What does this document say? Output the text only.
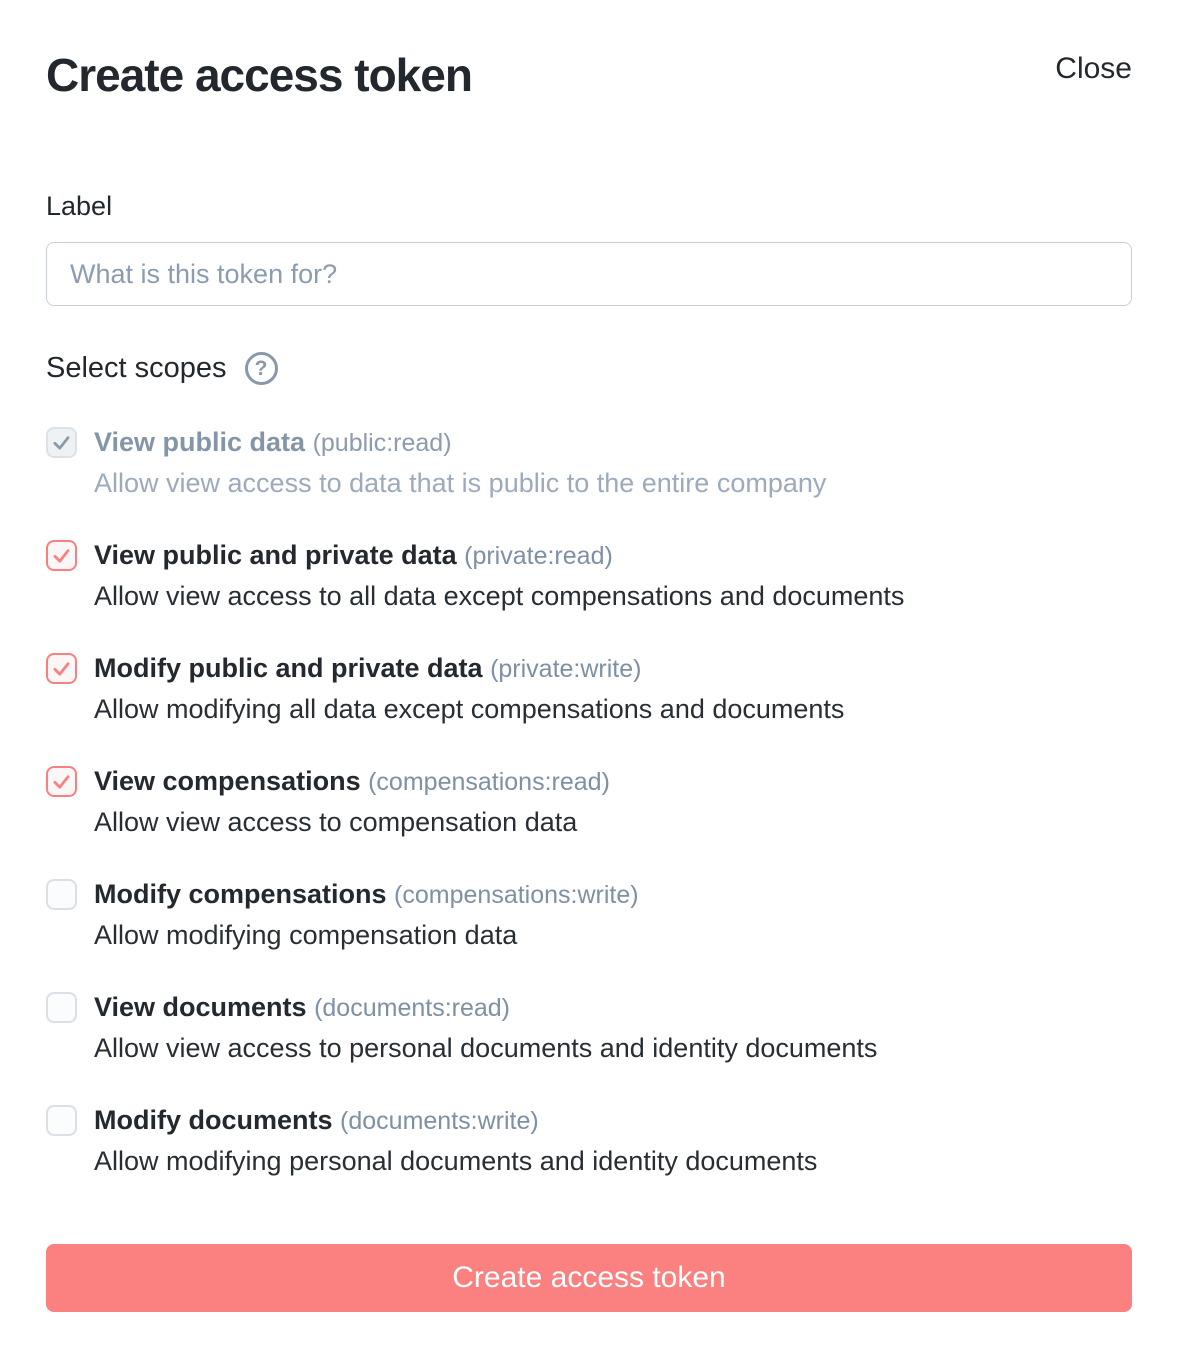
Create access token	Close
Label
What is this token for?
Select scopes	?
View public data (public:read)
Allow view access to data that is public to the entire company
View public and private data (private:read)
Allow view access to all data except compensations and documents
Modify public and private data (private:write)
Allow modifying all data except compensations and documents
View compensations (compensations:read)
Allow view access to compensation data
Modify compensations (compensations:write)
Allow modifying compensation data
View documents (documents:read)
Allow view access to personal documents and identity documents
Modify documents (documents:write)
Allow modifying personal documents and identity documents
Create access token
